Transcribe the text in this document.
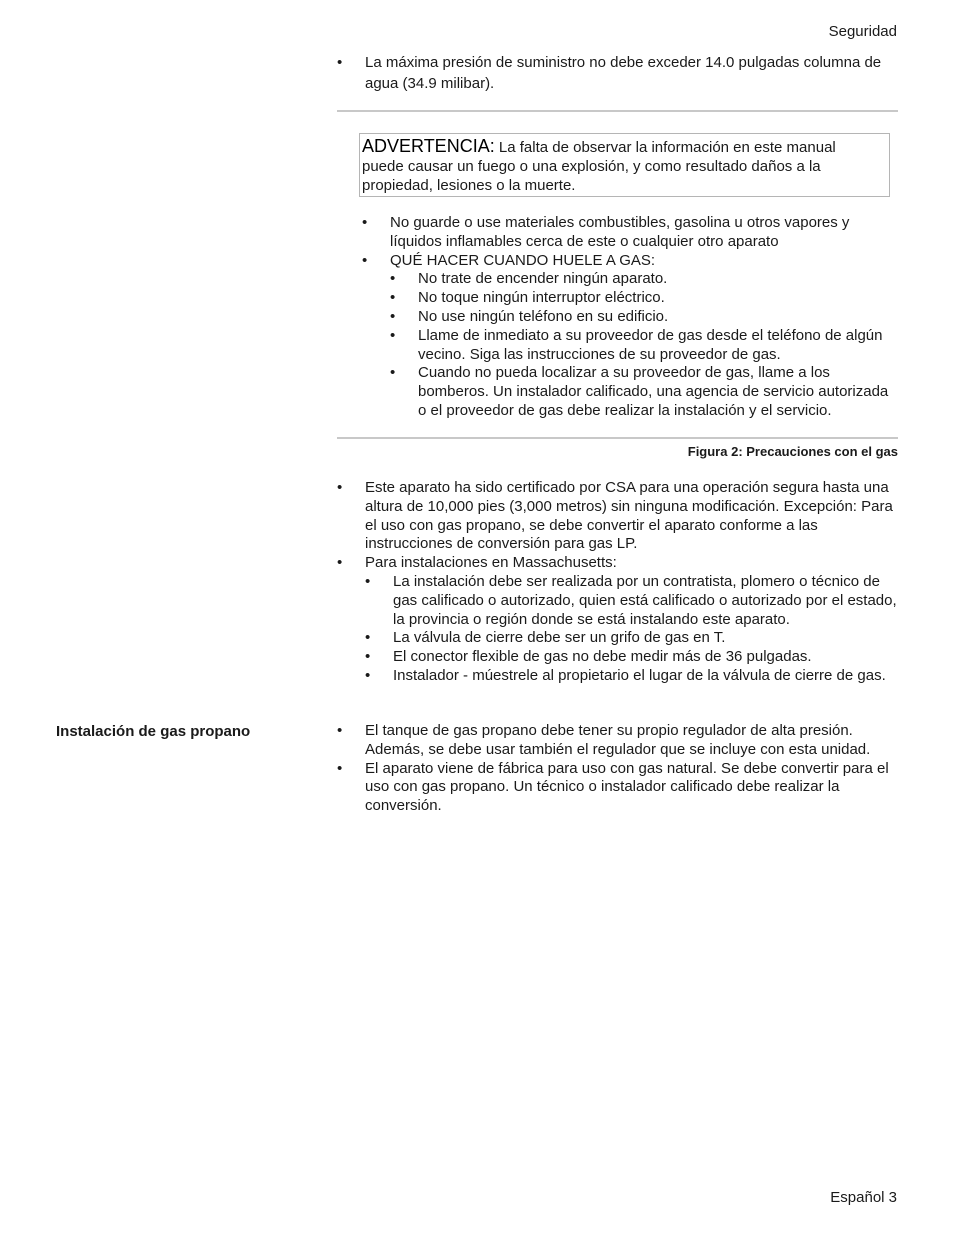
Seguridad
• La máxima presión de suministro no debe exceder 14.0 pulgadas columna de agua (34.9 milibar).
ADVERTENCIA: La falta de observar la información en este manual puede causar un fuego o una explosión, y como resultado daños a la propiedad, lesiones o la muerte.
• No guarde o use materiales combustibles, gasolina u otros vapores y líquidos inflamables cerca de este o cualquier otro aparato
• QUÉ HACER CUANDO HUELE A GAS:
• No trate de encender ningún aparato.
• No toque ningún interruptor eléctrico.
• No use ningún teléfono en su edificio.
• Llame de inmediato a su proveedor de gas desde el teléfono de algún vecino. Siga las instrucciones de su proveedor de gas.
• Cuando no pueda localizar a su proveedor de gas, llame a los bomberos. Un instalador calificado, una agencia de servicio autorizada o el proveedor de gas debe realizar la instalación y el servicio.
Figura 2: Precauciones con el gas
• Este aparato ha sido certificado por CSA para una operación segura hasta una altura de 10,000 pies (3,000 metros) sin ninguna modificación. Excepción: Para el uso con gas propano, se debe convertir el aparato conforme a las instrucciones de conversión para gas LP.
• Para instalaciones en Massachusetts:
• La instalación debe ser realizada por un contratista, plomero o técnico de gas calificado o autorizado, quien está calificado o autorizado por el estado, la provincia o región donde se está instalando este aparato.
• La válvula de cierre debe ser un grifo de gas en T.
• El conector flexible de gas no debe medir más de 36 pulgadas.
• Instalador - múestrele al propietario el lugar de la válvula de cierre de gas.
Instalación de gas propano	• El tanque de gas propano debe tener su propio regulador de alta presión. Además, se debe usar también el regulador que se incluye con esta unidad.
• El aparato viene de fábrica para uso con gas natural. Se debe convertir para el uso con gas propano. Un técnico o instalador calificado debe realizar la conversión.
Español 3
